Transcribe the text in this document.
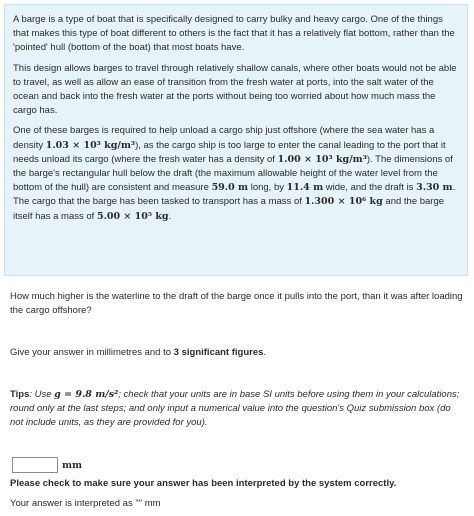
A barge is a type of boat that is specifically designed to carry bulky and heavy cargo. One of the things that makes this type of boat different to others is the fact that it has a relatively flat bottom, rather than the 'pointed' hull (bottom of the boat) that most boats have.

This design allows barges to travel through relatively shallow canals, where other boats would not be able to travel, as well as allow an ease of transition from the fresh water at ports, into the salt water of the ocean and back into the fresh water at the ports without being too worried about how much mass the cargo has.

One of these barges is required to help unload a cargo ship just offshore (where the sea water has a density 1.03 × 10³ kg/m³), as the cargo ship is too large to enter the canal leading to the port that it needs unload its cargo (where the fresh water has a density of 1.00 × 10³ kg/m³). The dimensions of the barge's rectangular hull below the draft (the maximum allowable height of the water level from the bottom of the hull) are consistent and measure 59.0 m long, by 11.4 m wide, and the draft is 3.30 m. The cargo that the barge has been tasked to transport has a mass of 1.300 × 10⁶ kg and the barge itself has a mass of 5.00 × 10⁵ kg.

How much higher is the waterline to the draft of the barge once it pulls into the port, than it was after loading the cargo offshore?
Give your answer in millimetres and to 3 significant figures.
Tips: Use g = 9.8 m/s²; check that your units are in base SI units before using them in your calculations; round only at the last steps; and only input a numerical value into the question's Quiz submission box (do not include units, as they are provided for you).
mm
Please check to make sure your answer has been interpreted by the system correctly.
Your answer is interpreted as "" mm
